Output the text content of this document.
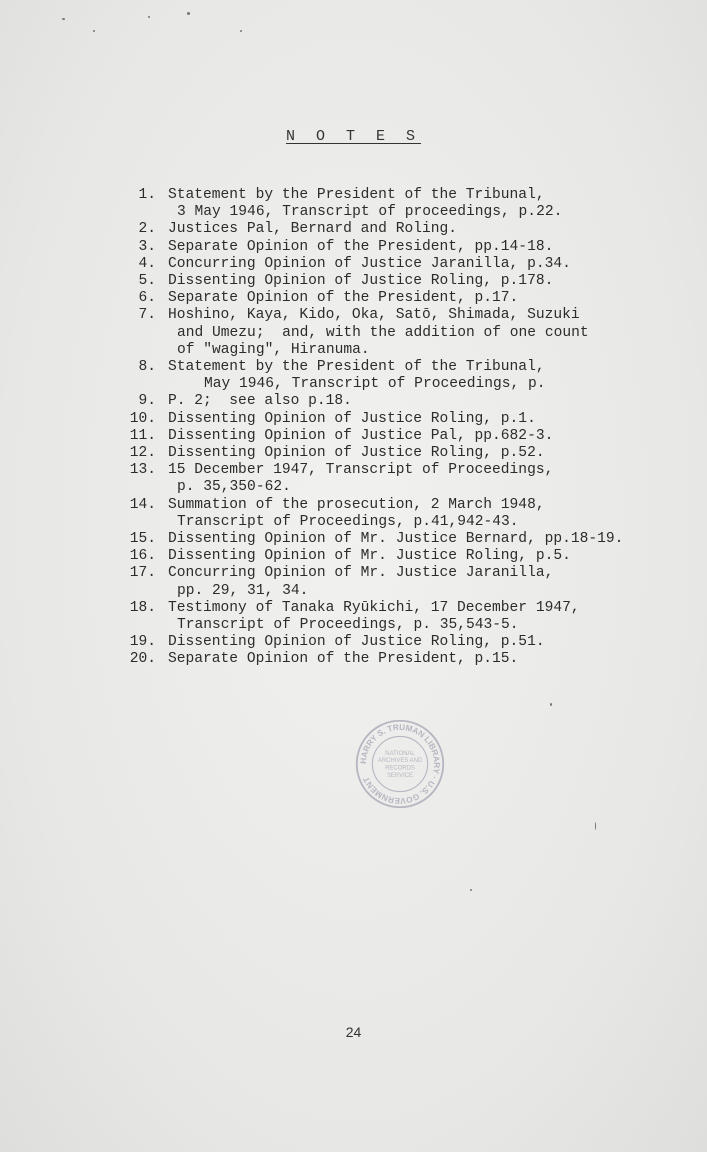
N O T E S
1. Statement by the President of the Tribunal,
3 May 1946, Transcript of proceedings, p.22.
2. Justices Pal, Bernard and Roling.
3. Separate Opinion of the President, pp.14-18.
4. Concurring Opinion of Justice Jaranilla, p.34.
5. Dissenting Opinion of Justice Roling, p.178.
6. Separate Opinion of the President, p.17.
7. Hoshino, Kaya, Kido, Oka, Satō, Shimada, Suzuki
and Umezu;  and, with the addition of one count
of "waging", Hiranuma.
8. Statement by the President of the Tribunal,
May 1946, Transcript of Proceedings, p.
9. P. 2;  see also p.18.
10. Dissenting Opinion of Justice Roling, p.1.
11. Dissenting Opinion of Justice Pal, pp.682-3.
12. Dissenting Opinion of Justice Roling, p.52.
13. 15 December 1947, Transcript of Proceedings,
p. 35,350-62.
14. Summation of the prosecution, 2 March 1948,
Transcript of Proceedings, p.41,942-43.
15. Dissenting Opinion of Mr. Justice Bernard, pp.18-19.
16. Dissenting Opinion of Mr. Justice Roling, p.5.
17. Concurring Opinion of Mr. Justice Jaranilla,
pp. 29, 31, 34.
18. Testimony of Tanaka Ryūkichi, 17 December 1947,
Transcript of Proceedings, p. 35,543-5.
19. Dissenting Opinion of Justice Roling, p.51.
20. Separate Opinion of the President, p.15.
HARRY S. TRUMAN LIBRARY · U.S. GOVERNMENT
NATIONAL
ARCHIVES AND
RECORDS
SERVICE
24
